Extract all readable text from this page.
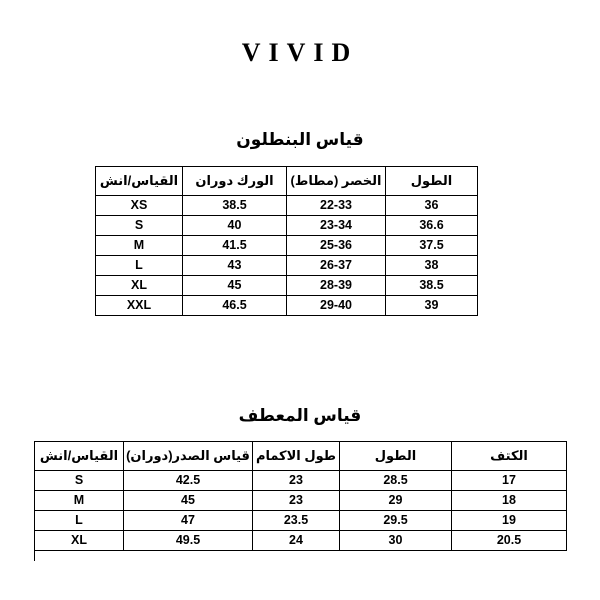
VIVID
قياس البنطلون
القياس/انش	الورك دوران	الخصر (مطاط)	الطول
XS	38.5	22-33	36
S	40	23-34	36.6
M	41.5	25-36	37.5
L	43	26-37	38
XL	45	28-39	38.5
XXL	46.5	29-40	39
قياس المعطف
القياس/انش	قياس الصدر(دوران)	طول الاكمام	الطول	الكتف
S	42.5	23	28.5	17
M	45	23	29	18
L	47	23.5	29.5	19
XL	49.5	24	30	20.5
